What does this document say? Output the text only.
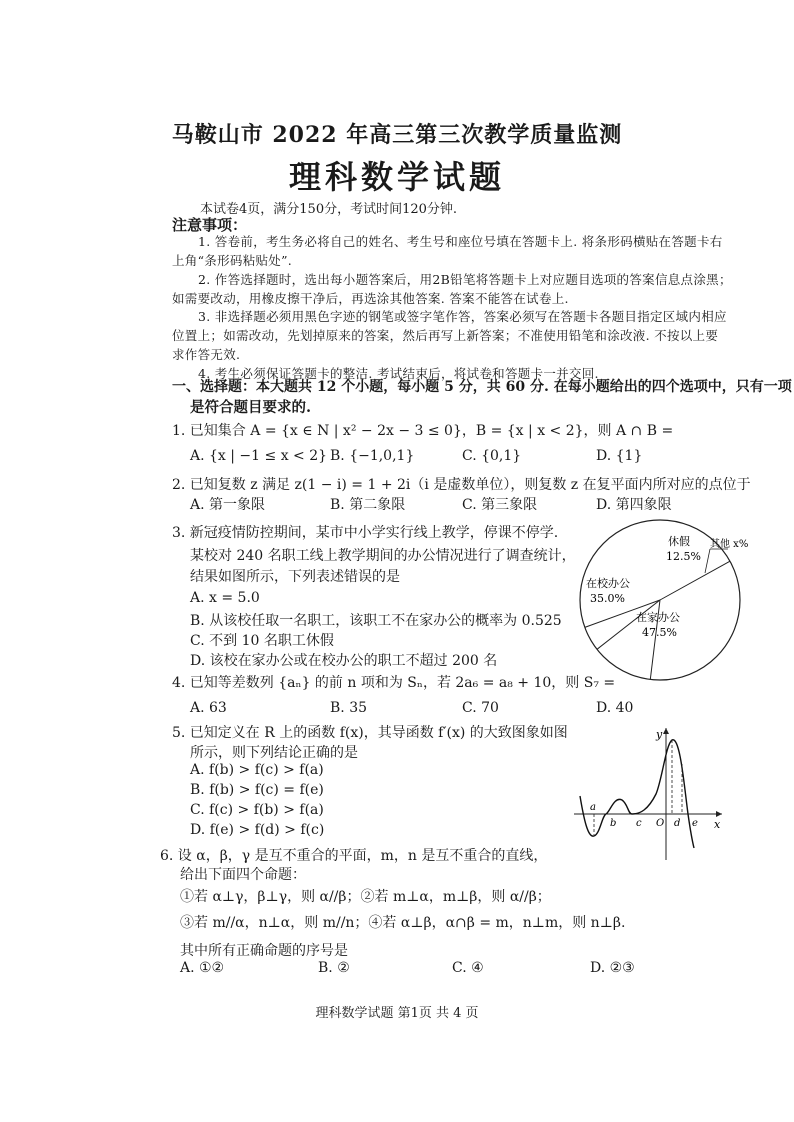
马鞍山市 2022 年高三第三次教学质量监测
理科数学试题
本试卷4页，满分150分，考试时间120分钟.
注意事项：
1. 答卷前，考生务必将自己的姓名、考生号和座位号填在答题卡上. 将条形码横贴在答题卡右
上角“条形码粘贴处”.
2. 作答选择题时，选出每小题答案后，用2B铅笔将答题卡上对应题目选项的答案信息点涂黑；
如需要改动，用橡皮擦干净后，再选涂其他答案. 答案不能答在试卷上.
3. 非选择题必须用黑色字迹的钢笔或签字笔作答，答案必须写在答题卡各题目指定区域内相应
位置上；如需改动，先划掉原来的答案，然后再写上新答案；不准使用铅笔和涂改液. 不按以上要
求作答无效.
4. 考生必须保证答题卡的整洁. 考试结束后，将试卷和答题卡一并交回.
一、选择题：本大题共 12 个小题，每小题 5 分，共 60 分. 在每小题给出的四个选项中，只有一项
是符合题目要求的.
1. 已知集合 A = {x ∈ N | x² − 2x − 3 ≤ 0}，B = {x | x < 2}，则 A ∩ B =
A. {x | −1 ≤ x < 2} B. {−1,0,1}	C. {0,1}	D. {1}
2. 已知复数 z 满足 z(1 − i) = 1 + 2i（i 是虚数单位），则复数 z 在复平面内所对应的点位于
A. 第一象限	B. 第二象限	C. 第三象限	D. 第四象限
3. 新冠疫情防控期间，某市中小学实行线上教学，停课不停学.
某校对 240 名职工线上教学期间的办公情况进行了调查统计，
结果如图所示，下列表述错误的是
A. x = 5.0
B. 从该校任取一名职工，该职工不在家办公的概率为 0.525
C. 不到 10 名职工休假
D. 该校在家办公或在校办公的职工不超过 200 名
在校办公
35.0%
休假
12.5%
在家办公
47.5%
其他 x%
4. 已知等差数列 {aₙ} 的前 n 项和为 Sₙ，若 2a₆ = a₈ + 10，则 S₇ =
A. 63	B. 35	C. 70	D. 40
5. 已知定义在 R 上的函数 f(x)，其导函数 f′(x) 的大致图象如图
所示，则下列结论正确的是
A. f(b) > f(c) > f(a)
B. f(b) > f(c) = f(e)
C. f(c) > f(b) > f(a)
D. f(e) > f(d) > f(c)
y
x
O
a
b c	d e
6. 设 α，β，γ 是互不重合的平面，m，n 是互不重合的直线，
给出下面四个命题：
①若 α⊥γ，β⊥γ，则 α//β；②若 m⊥α，m⊥β，则 α//β；
③若 m//α，n⊥α，则 m//n；④若 α⊥β，α∩β = m，n⊥m，则 n⊥β.
其中所有正确命题的序号是
A. ①②	B. ②	C. ④	D. ②③
理科数学试题 第1页 共 4 页
